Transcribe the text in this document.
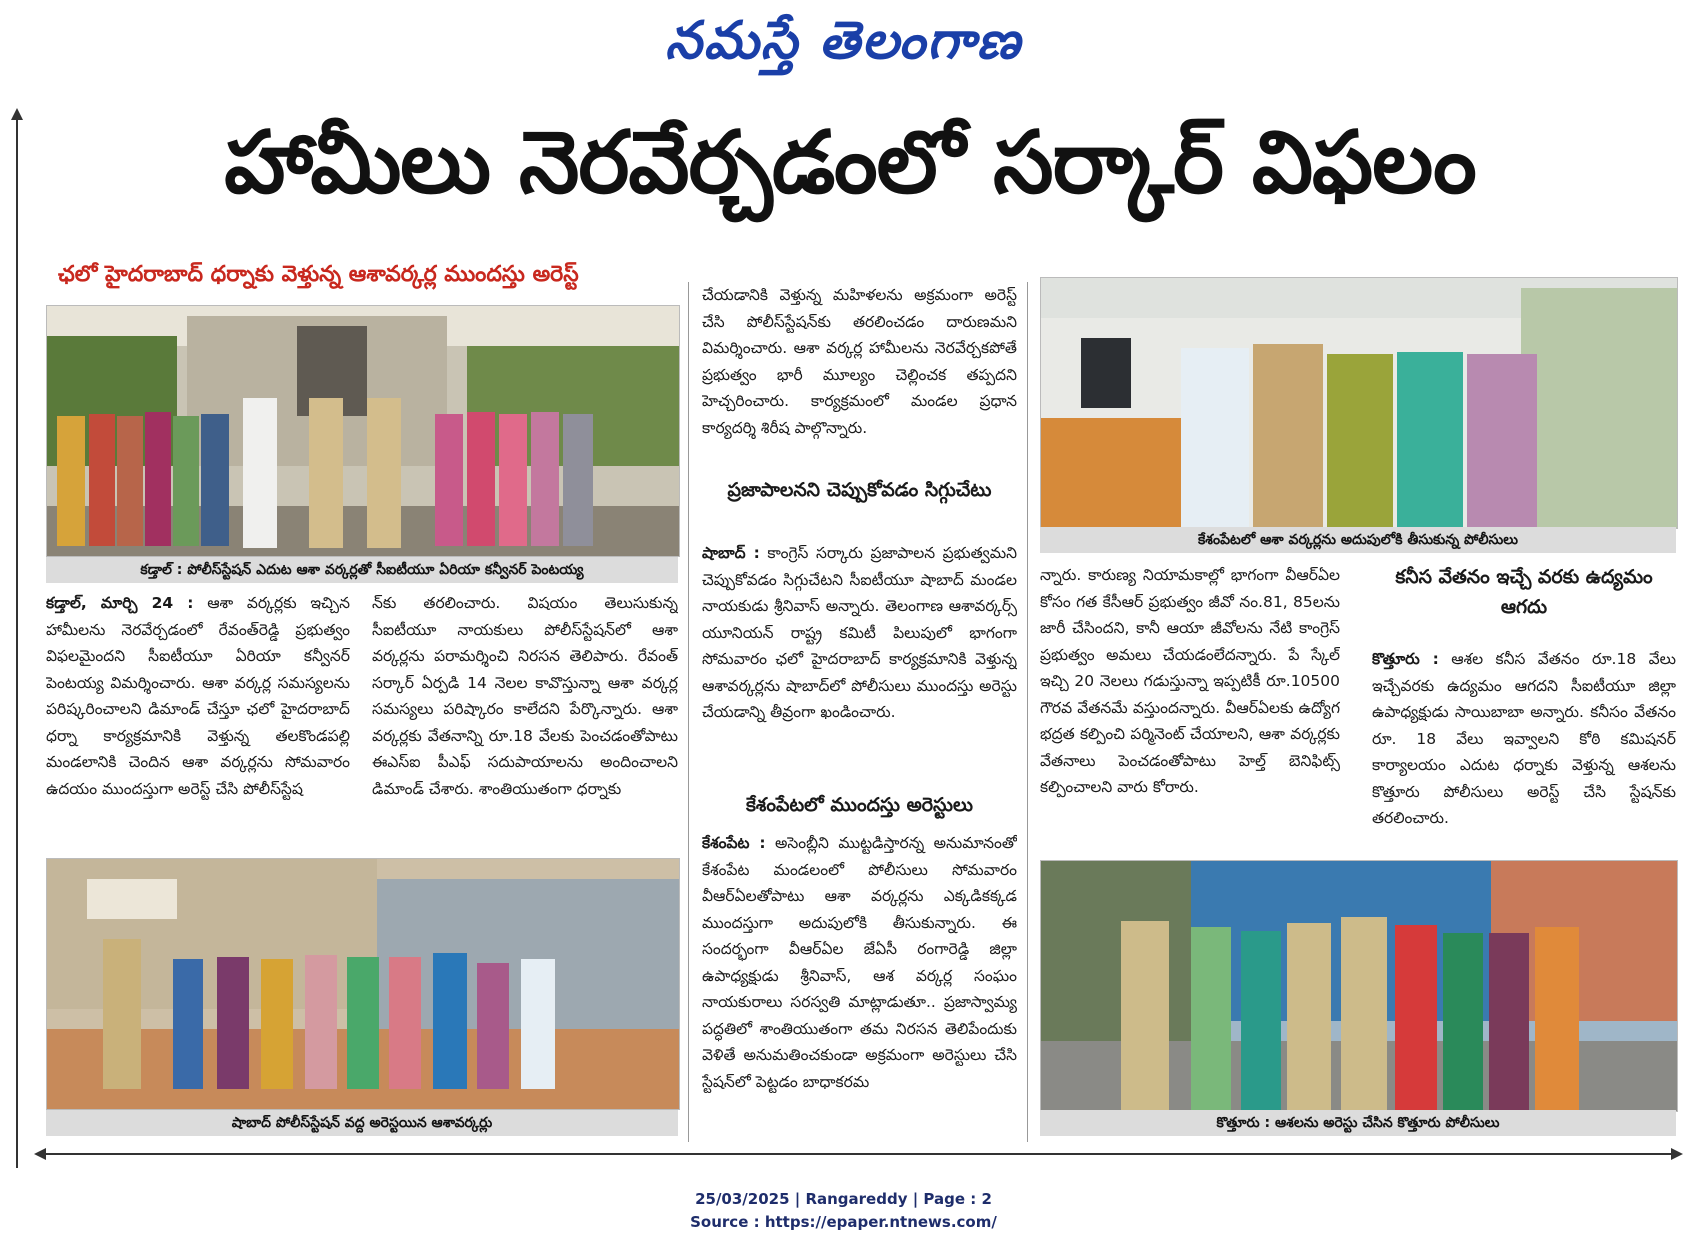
నమస్తే తెలంగాణ
హామీలు నెరవేర్చడంలో సర్కార్ విఫలం
ఛలో హైదరాబాద్ ధర్నాకు వెళ్తున్న ఆశావర్కర్ల ముందస్తు అరెస్ట్
కడ్తాల్ : పోలీస్‌స్టేషన్ ఎదుట ఆశా వర్కర్లతో సీఐటీయూ ఏరియా కన్వీనర్ పెంటయ్య

కడ్తాల్, మార్చి 24 : ఆశా వర్కర్లకు ఇచ్చిన హామీలను నెరవేర్చడంలో రేవంత్‌రెడ్డి ప్రభుత్వం విఫలమైందని సీఐటీయూ ఏరియా కన్వీనర్ పెంటయ్య విమర్శించారు. ఆశా వర్కర్ల సమస్యలను పరిష్కరించాలని డిమాండ్ చేస్తూ ఛలో హైదరాబాద్ ధర్నా కార్యక్రమానికి వెళ్తున్న తలకొండపల్లి మండలానికి చెందిన ఆశా వర్కర్లను సోమవారం ఉదయం ముందస్తుగా అరెస్ట్ చేసి పోలీస్‌స్టేష

న్‌కు తరలించారు. విషయం తెలుసుకున్న సీఐటీయూ నాయకులు పోలీస్‌స్టేషన్‌లో ఆశా వర్కర్లను పరామర్శించి నిరసన తెలిపారు. రేవంత్ సర్కార్ ఏర్పడి 14 నెలల కావొస్తున్నా ఆశా వర్కర్ల సమస్యలు పరిష్కారం కాలేదని పేర్కొన్నారు. ఆశా వర్కర్లకు వేతనాన్ని రూ.18 వేలకు పెంచడంతోపాటు ఈఎస్‌ఐ పీఎఫ్ సదుపాయాలను అందించాలని డిమాండ్ చేశారు. శాంతియుతంగా ధర్నాకు

షాబాద్ పోలీస్‌స్టేషన్ వద్ద అరెస్టయిన ఆశావర్కర్లు

చేయడానికి వెళ్తున్న మహిళలను అక్రమంగా అరెస్ట్ చేసి పోలీస్‌స్టేషన్‌కు తరలించడం దారుణమని విమర్శించారు. ఆశా వర్కర్ల హామీలను నెరవేర్చకపోతే ప్రభుత్వం భారీ మూల్యం చెల్లించక తప్పదని హెచ్చరించారు. కార్యక్రమంలో మండల ప్రధాన కార్యదర్శి శిరీష పాల్గొన్నారు.

ప్రజాపాలనని చెప్పుకోవడం సిగ్గుచేటు

షాబాద్ : కాంగ్రెస్ సర్కారు ప్రజాపాలన ప్రభుత్వమని చెప్పుకోవడం సిగ్గుచేటని సీఐటీయూ షాబాద్ మండల నాయకుడు శ్రీనివాస్ అన్నారు. తెలంగాణ ఆశావర్కర్స్ యూనియన్ రాష్ట్ర కమిటీ పిలుపులో భాగంగా సోమవారం ఛలో హైదరాబాద్ కార్యక్రమానికి వెళ్తున్న ఆశావర్కర్లను షాబాద్‌లో పోలీసులు ముందస్తు అరెస్టు చేయడాన్ని తీవ్రంగా ఖండించారు.

కేశంపేటలో ముందస్తు అరెస్టులు

కేశంపేట : అసెంబ్లీని ముట్టడిస్తారన్న అనుమానంతో కేశంపేట మండలంలో పోలీసులు సోమవారం వీఆర్‌ఏలతోపాటు ఆశా వర్కర్లను ఎక్కడికక్కడ ముందస్తుగా అదుపులోకి తీసుకున్నారు. ఈ సందర్భంగా వీఆర్‌ఏల జేఏసీ రంగారెడ్డి జిల్లా ఉపాధ్యక్షుడు శ్రీనివాస్, ఆశ వర్కర్ల సంఘం నాయకురాలు సరస్వతి మాట్లాడుతూ.. ప్రజాస్వామ్య పద్ధతిలో శాంతియుతంగా తమ నిరసన తెలిపేందుకు వెళితే అనుమతించకుండా అక్రమంగా అరెస్టులు చేసి స్టేషన్‌లో పెట్టడం బాధాకరమ

కేశంపేటలో ఆశా వర్కర్లను అదుపులోకి తీసుకున్న పోలీసులు

న్నారు. కారుణ్య నియామకాల్లో భాగంగా వీఆర్‌ఏల కోసం గత కేసీఆర్ ప్రభుత్వం జీవో నం.81, 85లను జారీ చేసిందని, కానీ ఆయా జీవోలను నేటి కాంగ్రెస్ ప్రభుత్వం అమలు చేయడంలేదన్నారు. పే స్కేల్ ఇచ్చి 20 నెలలు గడుస్తున్నా ఇప్పటికీ రూ.10500 గౌరవ వేతనమే వస్తుందన్నారు. వీఆర్‌ఏలకు ఉద్యోగ భద్రత కల్పించి పర్మినెంట్ చేయాలని, ఆశా వర్కర్లకు వేతనాలు పెంచడంతోపాటు హెల్త్ బెనిఫిట్స్ కల్పించాలని వారు కోరారు.

కనీస వేతనం ఇచ్చే వరకు ఉద్యమం ఆగదు

కొత్తూరు : ఆశల కనీస వేతనం రూ.18 వేలు ఇచ్చేవరకు ఉద్యమం ఆగదని సీఐటీయూ జిల్లా ఉపాధ్యక్షుడు సాయిబాబా అన్నారు. కనీసం వేతనం రూ. 18 వేలు ఇవ్వాలని కోఠి కమిషనర్ కార్యాలయం ఎదుట ధర్నాకు వెళ్తున్న ఆశలను కొత్తూరు పోలీసులు అరెస్ట్ చేసి స్టేషన్‌కు తరలించారు.

కొత్తూరు : ఆశలను అరెస్టు చేసిన కొత్తూరు పోలీసులు
25/03/2025 | Rangareddy | Page : 2
Source : https://epaper.ntnews.com/
